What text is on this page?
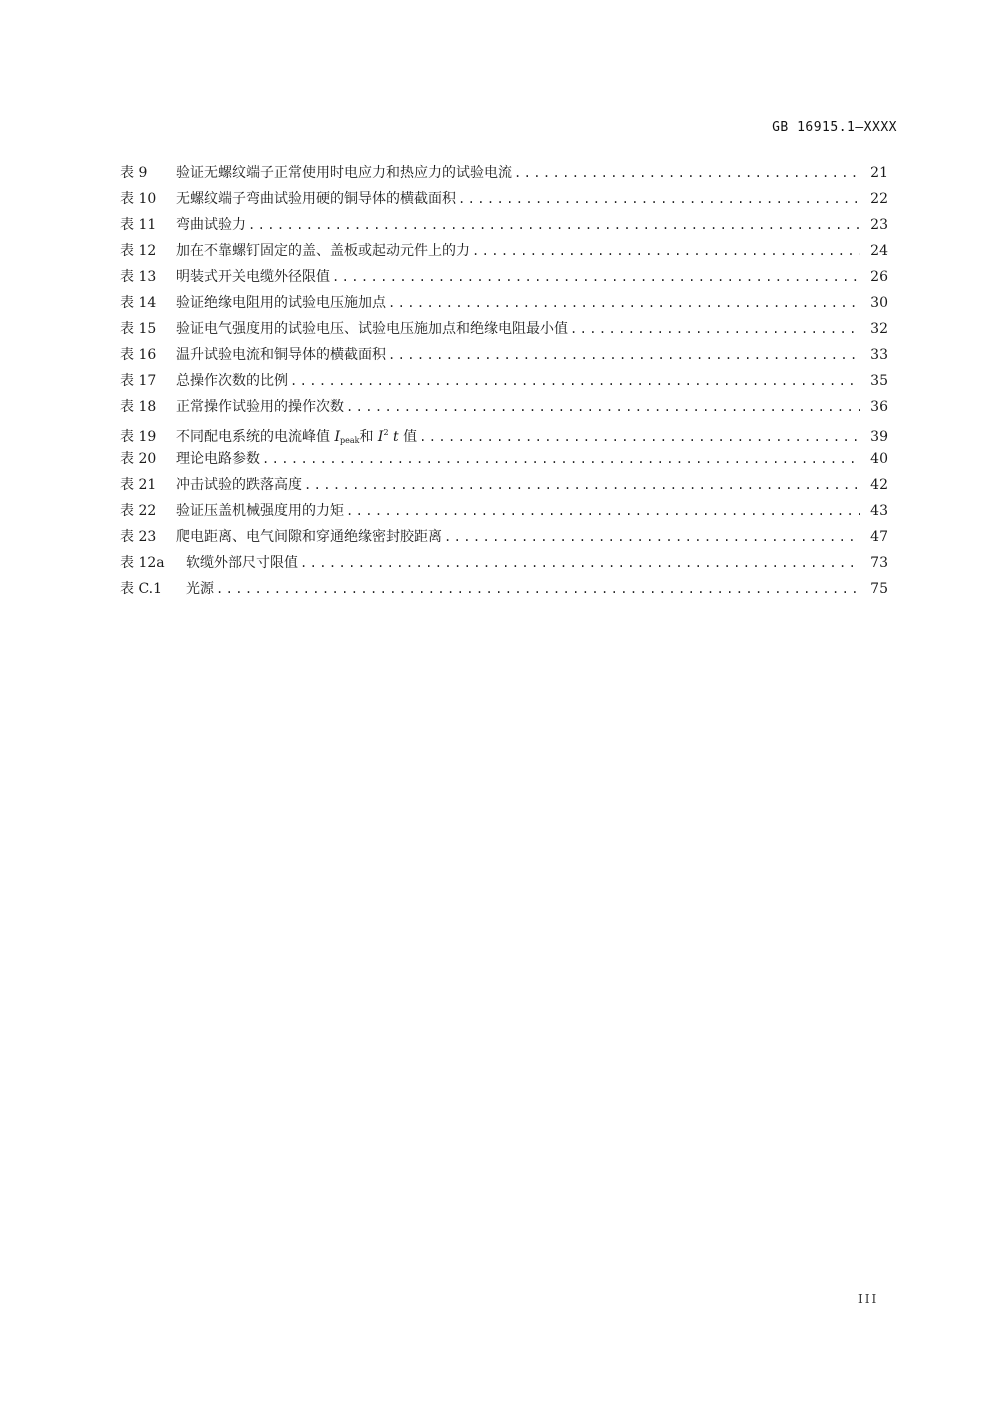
GB 16915.1—XXXX
表 9	验证无螺纹端子正常使用时电应力和热应力的试验电流 .....	21
表 10	无螺纹端子弯曲试验用硬的铜导体的横截面积 .....	22
表 11	弯曲试验力 .....	23
表 12	加在不靠螺钉固定的盖、盖板或起动元件上的力 .....	24
表 13	明装式开关电缆外径限值 .....	26
表 14	验证绝缘电阻用的试验电压施加点 .....	30
表 15	验证电气强度用的试验电压、试验电压施加点和绝缘电阻最小值 .....	32
表 16	温升试验电流和铜导体的横截面积 .....	33
表 17	总操作次数的比例 .....	35
表 18	正常操作试验用的操作次数 .....	36
表 19	不同配电系统的电流峰值 $I_{peak}$和 $I^2$ t 值 .....	39
表 20	理论电路参数 .....	40
表 21	冲击试验的跌落高度 .....	42
表 22	验证压盖机械强度用的力矩 .....	43
表 23	爬电距离、电气间隙和穿通绝缘密封胶距离 .....	47
表 12a	软缆外部尺寸限值 .....	73
表 C.1	光源 .....	75
III
